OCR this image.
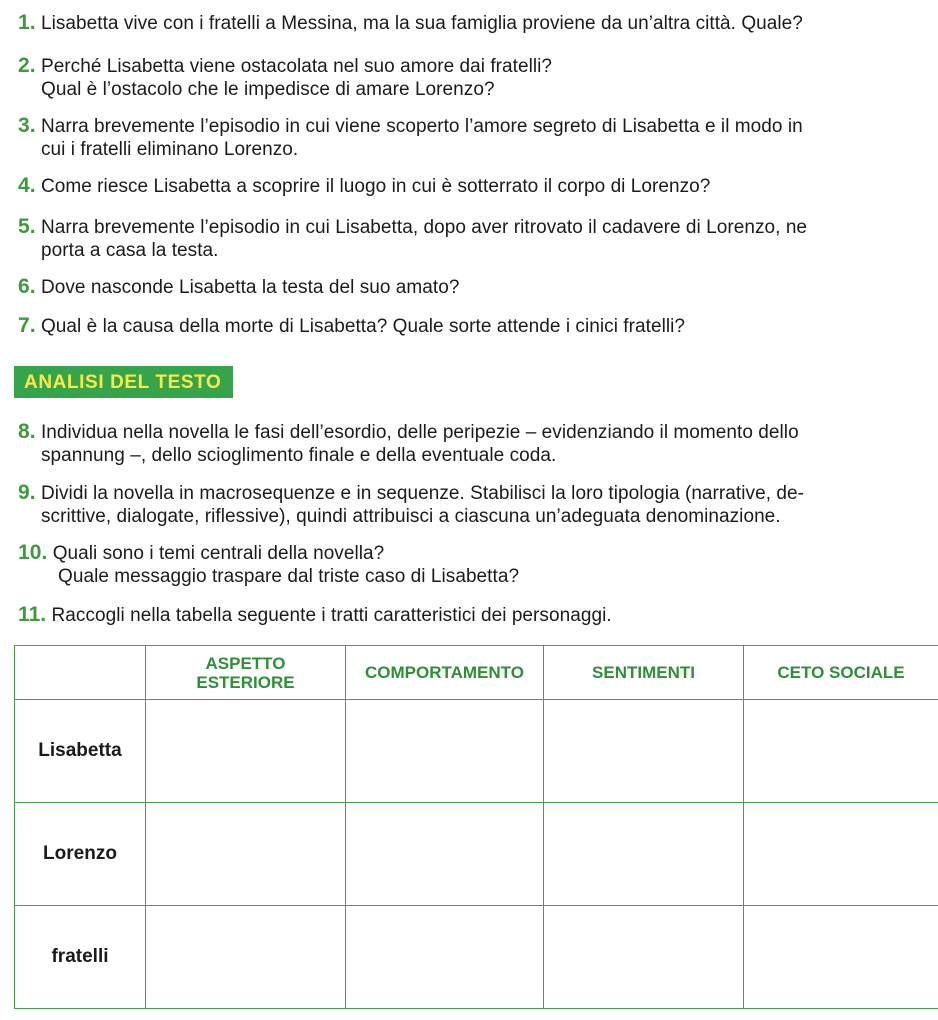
1. Lisabetta vive con i fratelli a Messina, ma la sua famiglia proviene da un’altra città. Quale?
2. Perché Lisabetta viene ostacolata nel suo amore dai fratelli?
Qual è l’ostacolo che le impedisce di amare Lorenzo?
3. Narra brevemente l’episodio in cui viene scoperto l’amore segreto di Lisabetta e il modo in
cui i fratelli eliminano Lorenzo.
4. Come riesce Lisabetta a scoprire il luogo in cui è sotterrato il corpo di Lorenzo?
5. Narra brevemente l’episodio in cui Lisabetta, dopo aver ritrovato il cadavere di Lorenzo, ne
porta a casa la testa.
6. Dove nasconde Lisabetta la testa del suo amato?
7. Qual è la causa della morte di Lisabetta? Quale sorte attende i cinici fratelli?
ANALISI DEL TESTO
8. Individua nella novella le fasi dell’esordio, delle peripezie – evidenziando il momento dello
spannung –, dello scioglimento finale e della eventuale coda.
9. Dividi la novella in macrosequenze e in sequenze. Stabilisci la loro tipologia (narrative, de-
scrittive, dialogate, riflessive), quindi attribuisci a ciascuna un’adeguata denominazione.
10. Quali sono i temi centrali della novella?
Quale messaggio traspare dal triste caso di Lisabetta?
11. Raccogli nella tabella seguente i tratti caratteristici dei personaggi.
	ASPETTO
ESTERIORE	COMPORTAMENTO	SENTIMENTI	CETO SOCIALE
Lisabetta				
Lorenzo				
fratelli				
